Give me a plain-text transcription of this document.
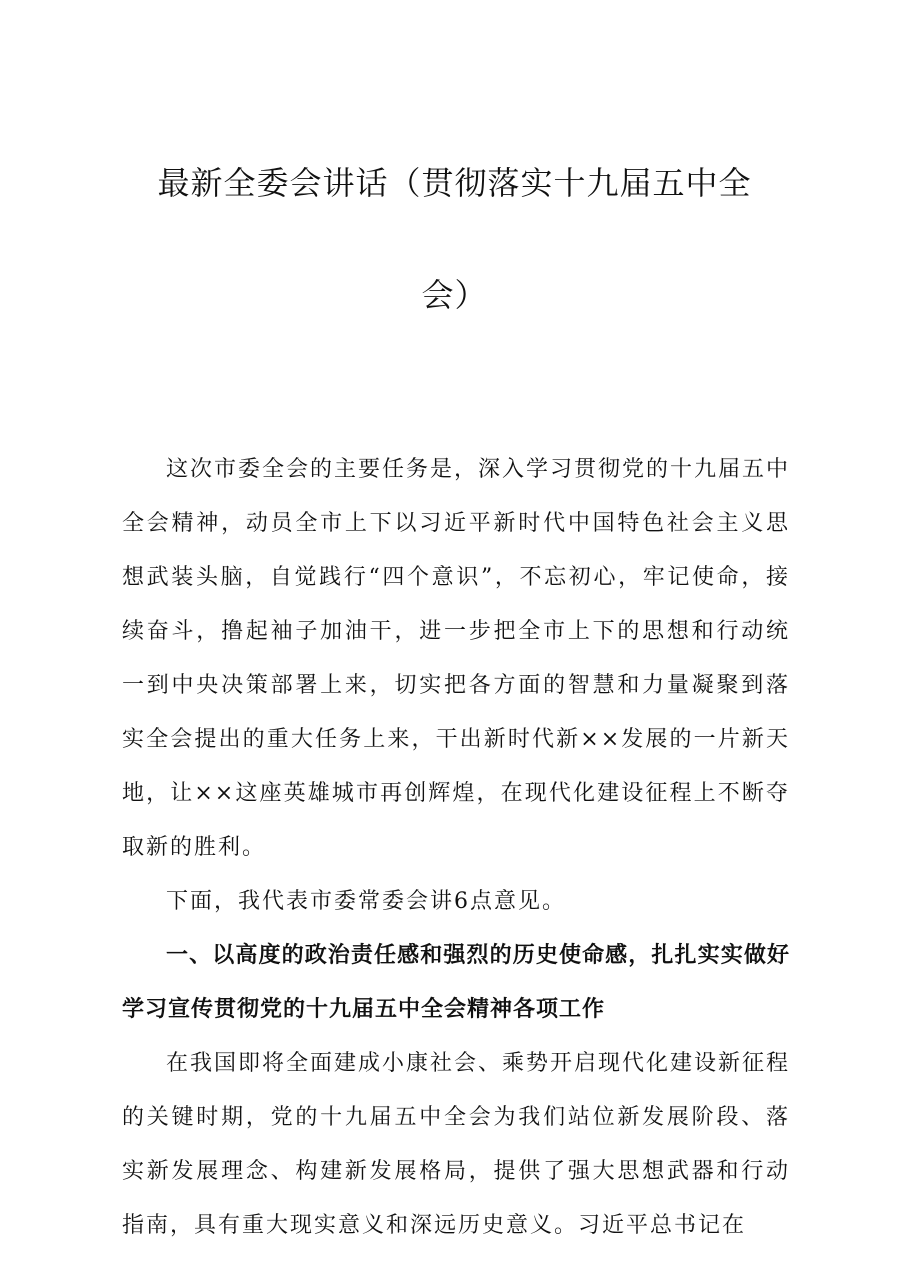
最新全委会讲话（贯彻落实十九届五中全
会）

这次市委全会的主要任务是，深入学习贯彻党的十九届五中全会精神，动员全市上下以习近平新时代中国特色社会主义思想武装头脑，自觉践行“四个意识”，不忘初心，牢记使命，接续奋斗，撸起袖子加油干，进一步把全市上下的思想和行动统一到中央决策部署上来，切实把各方面的智慧和力量凝聚到落实全会提出的重大任务上来，干出新时代新××发展的一片新天地，让××这座英雄城市再创辉煌，在现代化建设征程上不断夺取新的胜利。

下面，我代表市委常委会讲6点意见。

一、以高度的政治责任感和强烈的历史使命感，扎扎实实做好学习宣传贯彻党的十九届五中全会精神各项工作

在我国即将全面建成小康社会、乘势开启现代化建设新征程的关键时期，党的十九届五中全会为我们站位新发展阶段、落实新发展理念、构建新发展格局，提供了强大思想武器和行动指南，具有重大现实意义和深远历史意义。习近平总书记在
